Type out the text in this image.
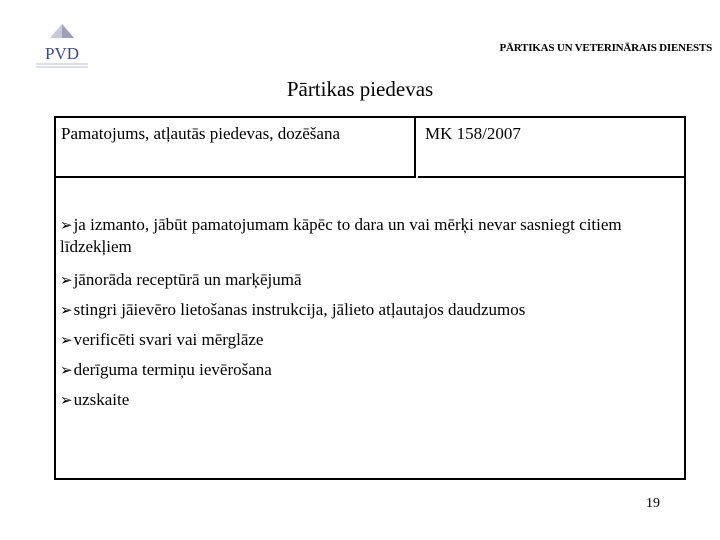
PVD	PĀRTIKAS UN VETERINĀRAIS DIENESTS
Pārtikas piedevas
Pamatojums, atļautās piedevas, dozēšana	MK 158/2007
➢ja izmanto, jābūt pamatojumam kāpēc to dara un vai mērķi nevar sasniegt citiem līdzekļiem
➢jānorāda receptūrā un marķējumā
➢stingri jāievēro lietošanas instrukcija, jālieto atļautajos daudzumos
➢verificēti svari vai mērglāze
➢derīguma termiņu ievērošana
➢uzskaite
19
